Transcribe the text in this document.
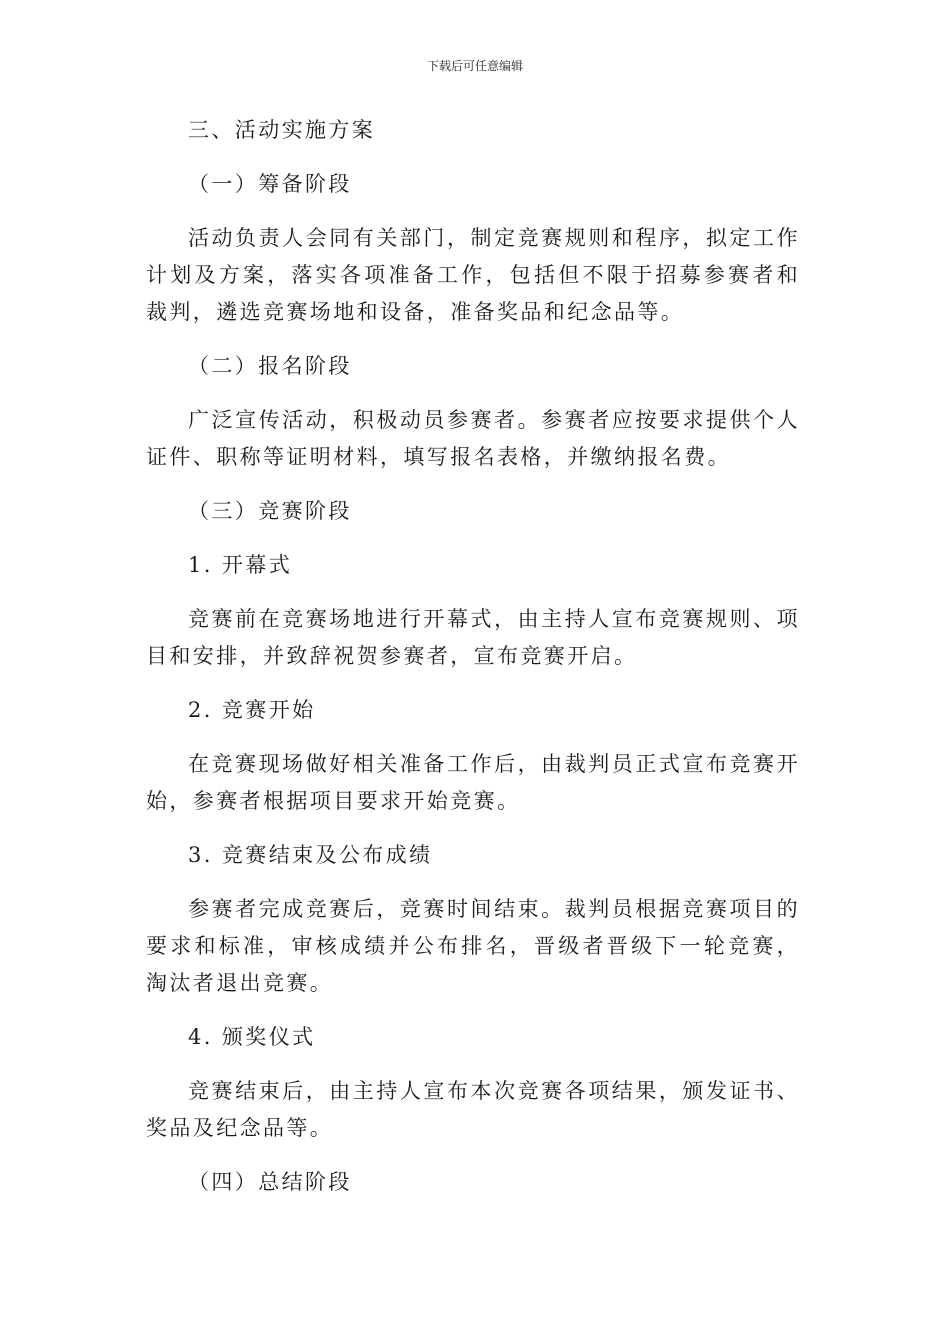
下载后可任意编辑

三、活动实施方案

（一）筹备阶段

活动负责人会同有关部门，制定竞赛规则和程序，拟定工作计划及方案，落实各项准备工作，包括但不限于招募参赛者和裁判，遴选竞赛场地和设备，准备奖品和纪念品等。

（二）报名阶段

广泛宣传活动，积极动员参赛者。参赛者应按要求提供个人证件、职称等证明材料，填写报名表格，并缴纳报名费。

（三）竞赛阶段

1. 开幕式

竞赛前在竞赛场地进行开幕式，由主持人宣布竞赛规则、项目和安排，并致辞祝贺参赛者，宣布竞赛开启。

2. 竞赛开始

在竞赛现场做好相关准备工作后，由裁判员正式宣布竞赛开始，参赛者根据项目要求开始竞赛。

3. 竞赛结束及公布成绩

参赛者完成竞赛后，竞赛时间结束。裁判员根据竞赛项目的要求和标准，审核成绩并公布排名，晋级者晋级下一轮竞赛，淘汰者退出竞赛。

4. 颁奖仪式

竞赛结束后，由主持人宣布本次竞赛各项结果，颁发证书、奖品及纪念品等。

（四）总结阶段
